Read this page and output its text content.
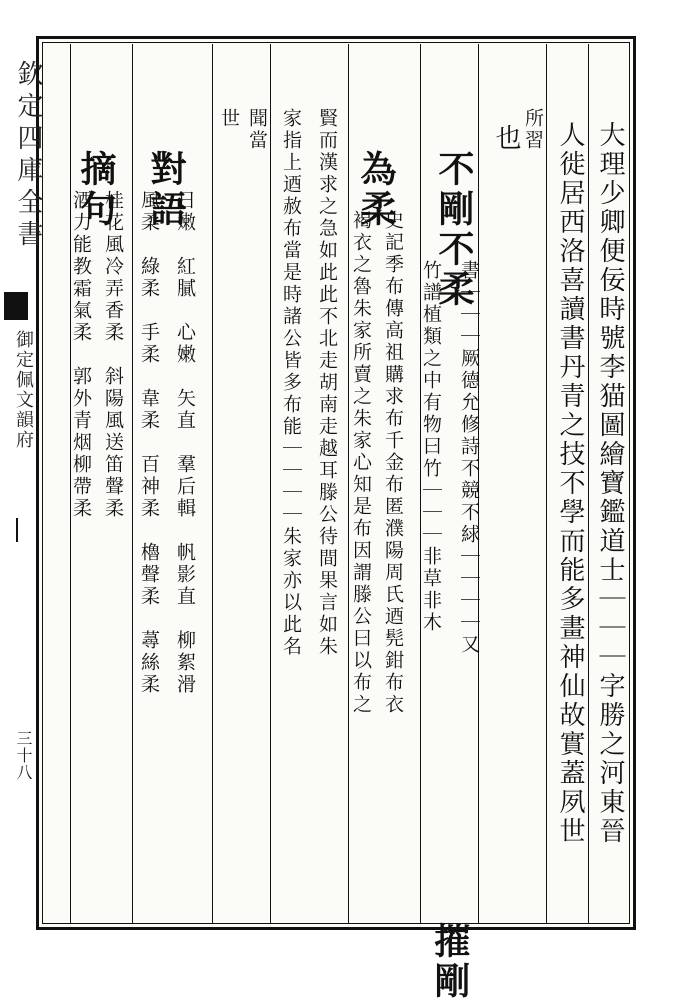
欽定四庫全書
御定佩文韻府
三十八	大理少卿便佞時號李猫圖繪寶鑑道士｜｜｜字勝之河東晉

人徙居西洛喜讀書丹青之技不學而能多畫神仙故實蓋夙世

所習

也

不剛不柔

書｜｜｜厥德允修詩不競不絿｜｜｜｜又

摧剛

竹譜植類之中有物曰竹｜｜｜非草非木

為柔

史記季布傳高祖購求布千金布匿濮陽周氏迺髡鉗布衣

褐衣之魯朱家所賣之朱家心知是布因謂滕公曰以布之

賢而漢求之急如此此不北走胡南走越耳滕公待間果言如朱

家指上迺赦布當是時諸公皆多布能｜｜｜｜朱家亦以此名

聞當

世

對語

日嫩　紅膩　心嫩　矢直　羣后輯　帆影直　柳絮滑

風柔　綠柔　手柔　韋柔　百神柔　櫓聲柔　蕁絲柔

摘句

桂花風冷弄香柔　斜陽風送笛聲柔

酒力能教霜氣柔　郭外青烟柳帶柔
